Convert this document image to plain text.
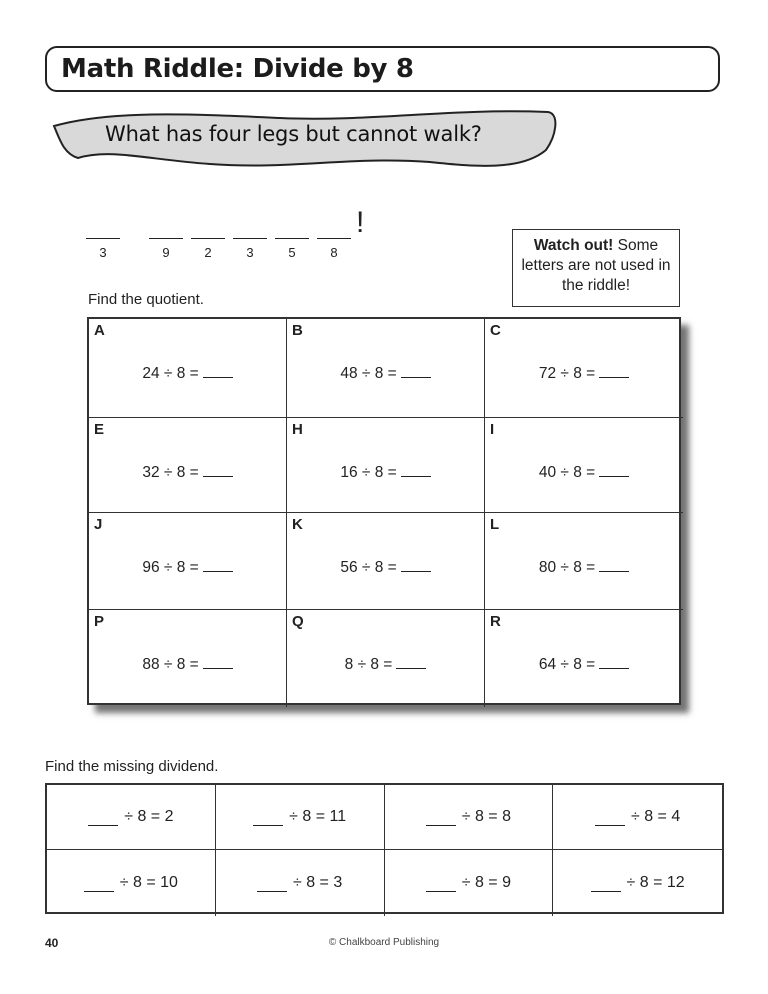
Math Riddle: Divide by 8
What has four legs but cannot walk?
3	9	2	3	5	8
!
Watch out! Some letters are not used in the riddle!
Find the quotient.
A
24 ÷ 8 =
B
48 ÷ 8 =
C
72 ÷ 8 =
E
32 ÷ 8 =
H
16 ÷ 8 =
I
40 ÷ 8 =
J
96 ÷ 8 =
K
56 ÷ 8 =
L
80 ÷ 8 =
P
88 ÷ 8 =
Q
8 ÷ 8 =
R
64 ÷ 8 =
Find the missing dividend.
÷ 8 = 2	÷ 8 = 11	÷ 8 = 8	÷ 8 = 4
÷ 8 = 10	÷ 8 = 3	÷ 8 = 9	÷ 8 = 12
40	© Chalkboard Publishing
